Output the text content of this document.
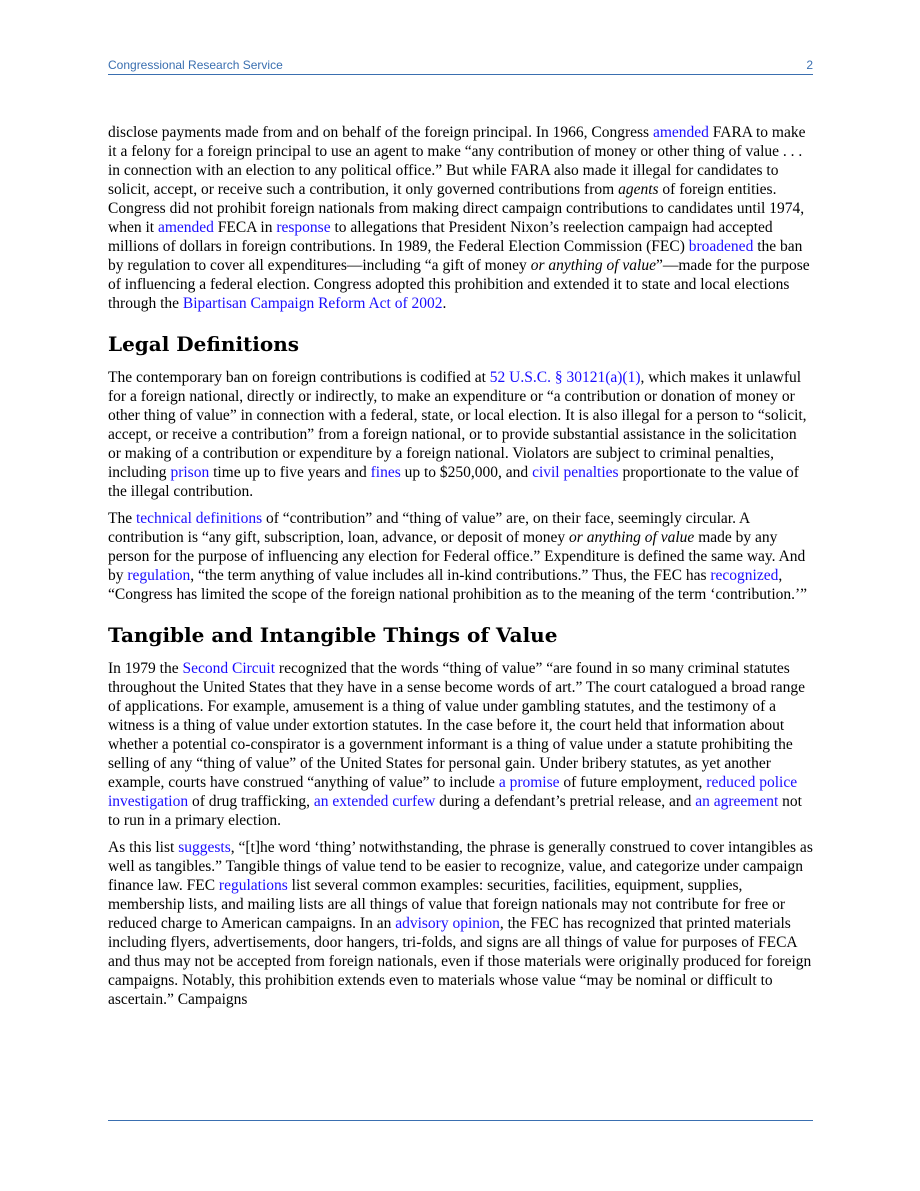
Congressional Research Service	2

disclose payments made from and on behalf of the foreign principal. In 1966, Congress amended FARA to make it a felony for a foreign principal to use an agent to make “any contribution of money or other thing of value . . . in connection with an election to any political office.” But while FARA also made it illegal for candidates to solicit, accept, or receive such a contribution, it only governed contributions from agents of foreign entities. Congress did not prohibit foreign nationals from making direct campaign contributions to candidates until 1974, when it amended FECA in response to allegations that President Nixon’s reelection campaign had accepted millions of dollars in foreign contributions. In 1989, the Federal Election Commission (FEC) broadened the ban by regulation to cover all expenditures—including “a gift of money or anything of value”—made for the purpose of influencing a federal election. Congress adopted this prohibition and extended it to state and local elections through the Bipartisan Campaign Reform Act of 2002.

Legal Definitions

The contemporary ban on foreign contributions is codified at 52 U.S.C. § 30121(a)(1), which makes it unlawful for a foreign national, directly or indirectly, to make an expenditure or “a contribution or donation of money or other thing of value” in connection with a federal, state, or local election. It is also illegal for a person to “solicit, accept, or receive a contribution” from a foreign national, or to provide substantial assistance in the solicitation or making of a contribution or expenditure by a foreign national. Violators are subject to criminal penalties, including prison time up to five years and fines up to $250,000, and civil penalties proportionate to the value of the illegal contribution.

The technical definitions of “contribution” and “thing of value” are, on their face, seemingly circular. A contribution is “any gift, subscription, loan, advance, or deposit of money or anything of value made by any person for the purpose of influencing any election for Federal office.” Expenditure is defined the same way. And by regulation, “the term anything of value includes all in-kind contributions.” Thus, the FEC has recognized, “Congress has limited the scope of the foreign national prohibition as to the meaning of the term ‘contribution.’”

Tangible and Intangible Things of Value

In 1979 the Second Circuit recognized that the words “thing of value” “are found in so many criminal statutes throughout the United States that they have in a sense become words of art.” The court catalogued a broad range of applications. For example, amusement is a thing of value under gambling statutes, and the testimony of a witness is a thing of value under extortion statutes. In the case before it, the court held that information about whether a potential co-conspirator is a government informant is a thing of value under a statute prohibiting the selling of any “thing of value” of the United States for personal gain. Under bribery statutes, as yet another example, courts have construed “anything of value” to include a promise of future employment, reduced police investigation of drug trafficking, an extended curfew during a defendant’s pretrial release, and an agreement not to run in a primary election.

As this list suggests, “[t]he word ‘thing’ notwithstanding, the phrase is generally construed to cover intangibles as well as tangibles.” Tangible things of value tend to be easier to recognize, value, and categorize under campaign finance law. FEC regulations list several common examples: securities, facilities, equipment, supplies, membership lists, and mailing lists are all things of value that foreign nationals may not contribute for free or reduced charge to American campaigns. In an advisory opinion, the FEC has recognized that printed materials including flyers, advertisements, door hangers, tri-folds, and signs are all things of value for purposes of FECA and thus may not be accepted from foreign nationals, even if those materials were originally produced for foreign campaigns. Notably, this prohibition extends even to materials whose value “may be nominal or difficult to ascertain.” Campaigns
